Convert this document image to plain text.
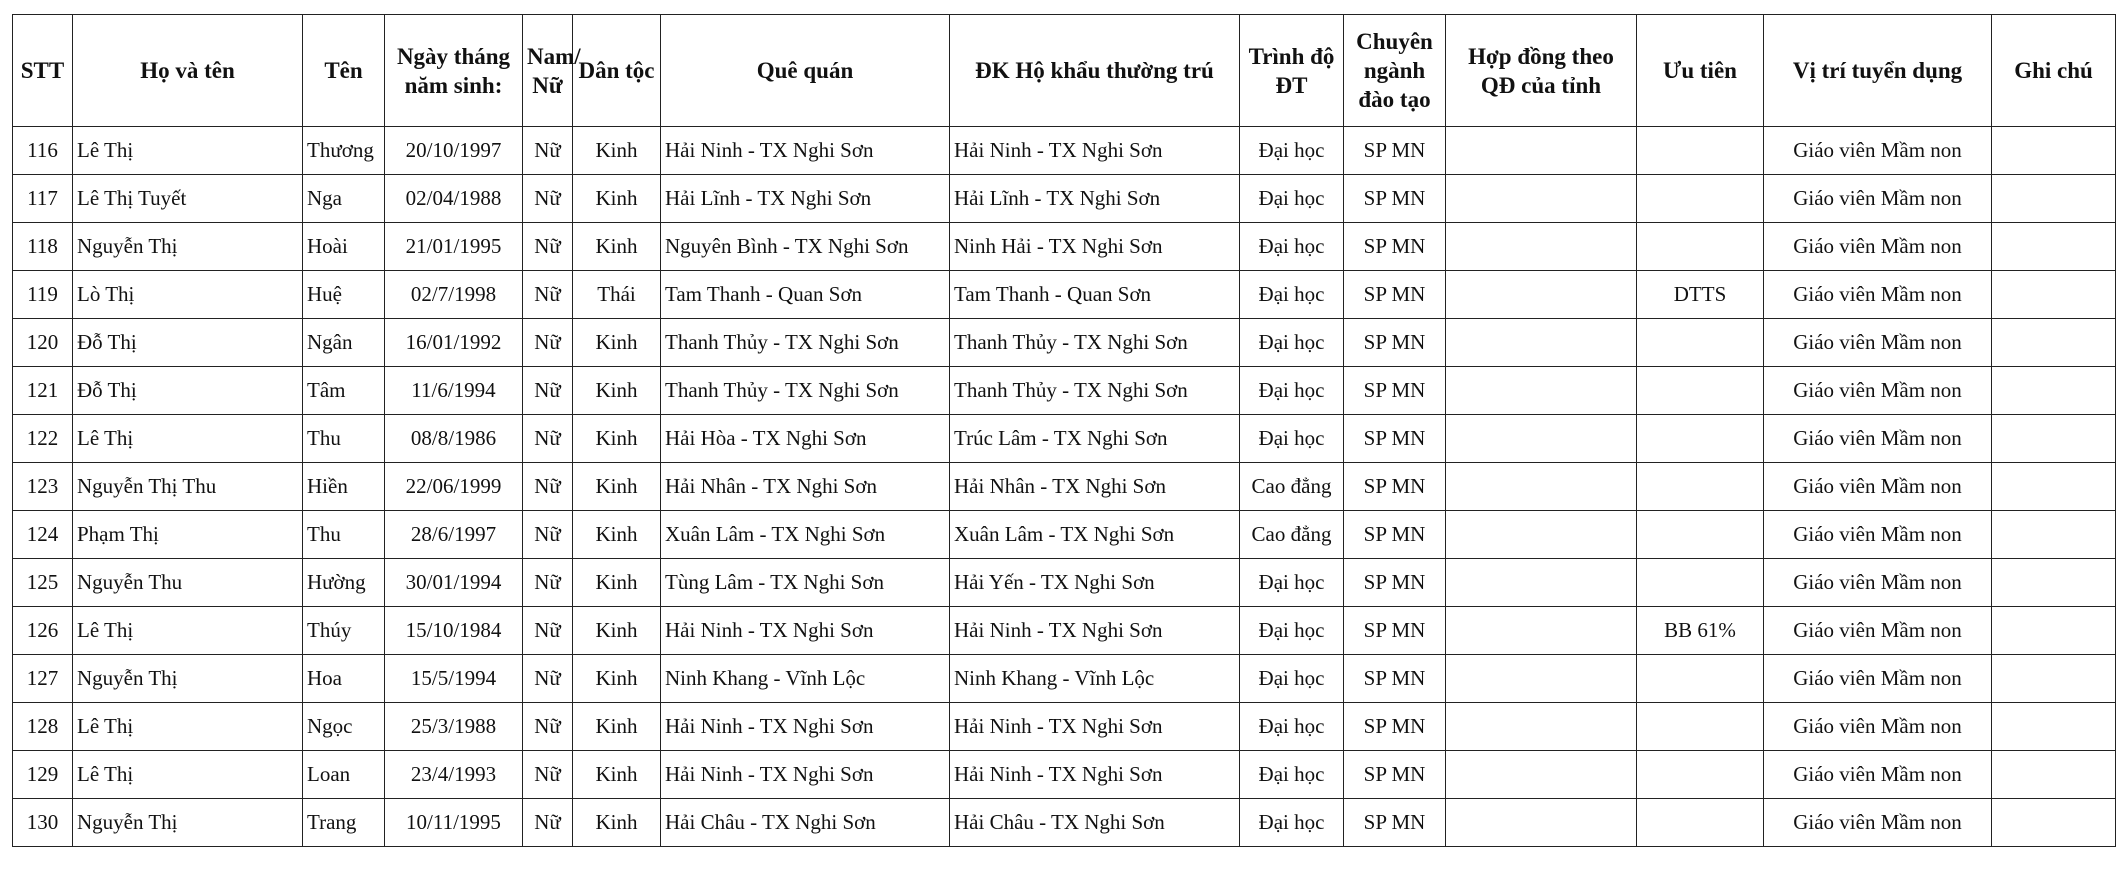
STT	Họ và tên	Tên	Ngày tháng năm sinh:	Nam/ Nữ	Dân tộc	Quê quán	ĐK Hộ khẩu thường trú	Trình độ ĐT	Chuyên ngành đào tạo	Hợp đồng theo QĐ của tỉnh	Ưu tiên	Vị trí tuyển dụng	Ghi chú
116	Lê Thị	Thương	20/10/1997	Nữ	Kinh	Hải Ninh - TX Nghi Sơn	Hải Ninh - TX Nghi Sơn	Đại học	SP MN			Giáo viên Mầm non	
117	Lê Thị Tuyết	Nga	02/04/1988	Nữ	Kinh	Hải Lĩnh - TX Nghi Sơn	Hải Lĩnh - TX Nghi Sơn	Đại học	SP MN			Giáo viên Mầm non	
118	Nguyễn Thị	Hoài	21/01/1995	Nữ	Kinh	Nguyên Bình - TX Nghi Sơn	Ninh Hải - TX Nghi Sơn	Đại học	SP MN			Giáo viên Mầm non	
119	Lò Thị	Huệ	02/7/1998	Nữ	Thái	Tam Thanh - Quan Sơn	Tam Thanh - Quan Sơn	Đại học	SP MN		DTTS	Giáo viên Mầm non	
120	Đỗ Thị	Ngân	16/01/1992	Nữ	Kinh	Thanh Thủy - TX Nghi Sơn	Thanh Thủy - TX Nghi Sơn	Đại học	SP MN			Giáo viên Mầm non	
121	Đỗ Thị	Tâm	11/6/1994	Nữ	Kinh	Thanh Thủy - TX Nghi Sơn	Thanh Thủy - TX Nghi Sơn	Đại học	SP MN			Giáo viên Mầm non	
122	Lê Thị	Thu	08/8/1986	Nữ	Kinh	Hải Hòa - TX Nghi Sơn	Trúc Lâm - TX Nghi Sơn	Đại học	SP MN			Giáo viên Mầm non	
123	Nguyễn Thị Thu	Hiền	22/06/1999	Nữ	Kinh	Hải Nhân - TX Nghi Sơn	Hải Nhân - TX Nghi Sơn	Cao đẳng	SP MN			Giáo viên Mầm non	
124	Phạm Thị	Thu	28/6/1997	Nữ	Kinh	Xuân Lâm - TX Nghi Sơn	Xuân Lâm - TX Nghi Sơn	Cao đẳng	SP MN			Giáo viên Mầm non	
125	Nguyễn Thu	Hường	30/01/1994	Nữ	Kinh	Tùng Lâm - TX Nghi Sơn	Hải Yến - TX Nghi Sơn	Đại học	SP MN			Giáo viên Mầm non	
126	Lê Thị	Thúy	15/10/1984	Nữ	Kinh	Hải Ninh - TX Nghi Sơn	Hải Ninh - TX Nghi Sơn	Đại học	SP MN		BB 61%	Giáo viên Mầm non	
127	Nguyễn Thị	Hoa	15/5/1994	Nữ	Kinh	Ninh Khang - Vĩnh Lộc	Ninh Khang - Vĩnh Lộc	Đại học	SP MN			Giáo viên Mầm non	
128	Lê Thị	Ngọc	25/3/1988	Nữ	Kinh	Hải Ninh - TX Nghi Sơn	Hải Ninh - TX Nghi Sơn	Đại học	SP MN			Giáo viên Mầm non	
129	Lê Thị	Loan	23/4/1993	Nữ	Kinh	Hải Ninh - TX Nghi Sơn	Hải Ninh - TX Nghi Sơn	Đại học	SP MN			Giáo viên Mầm non	
130	Nguyễn Thị	Trang	10/11/1995	Nữ	Kinh	Hải Châu - TX Nghi Sơn	Hải Châu - TX Nghi Sơn	Đại học	SP MN			Giáo viên Mầm non	
